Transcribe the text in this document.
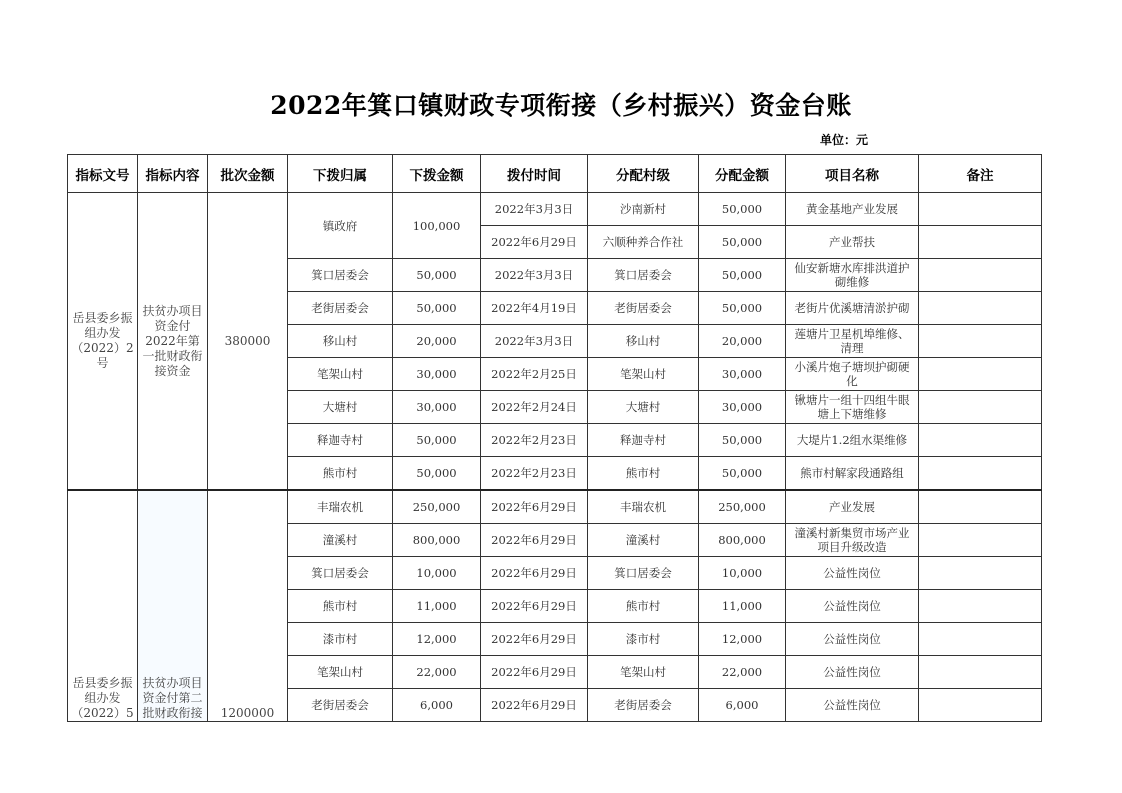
2022年箕口镇财政专项衔接（乡村振兴）资金台账
单位：元
指标文号	指标内容	批次金额	下拨归属	下拨金额	拨付时间	分配村级	分配金额	项目名称	备注
岳县委乡振组办发（2022）2号	扶贫办项目资金付2022年第一批财政衔接资金	380000	镇政府	100,000	2022年3月3日	沙南新村	50,000	黄金基地产业发展	
					2022年6月29日	六顺种养合作社	50,000	产业帮扶	
			箕口居委会	50,000	2022年3月3日	箕口居委会	50,000	仙安新塘水库排洪道护砌维修	
			老街居委会	50,000	2022年4月19日	老街居委会	50,000	老街片优溪塘清淤护砌	
			移山村	20,000	2022年3月3日	移山村	20,000	莲塘片卫星机埠维修、清理	
			笔架山村	30,000	2022年2月25日	笔架山村	30,000	小溪片炮子塘坝护砌硬化	
			大塘村	30,000	2022年2月24日	大塘村	30,000	锹塘片一组十四组牛眼塘上下塘维修	
			释迦寺村	50,000	2022年2月23日	释迦寺村	50,000	大堤片1.2组水渠维修	
			熊市村	50,000	2022年2月23日	熊市村	50,000	熊市村解家段通路组	
岳县委乡振组办发（2022）5	扶贫办项目资金付第二批财政衔接	1200000	丰瑞农机	250,000	2022年6月29日	丰瑞农机	250,000	产业发展	
			潼溪村	800,000	2022年6月29日	潼溪村	800,000	潼溪村新集贸市场产业项目升级改造	
			箕口居委会	10,000	2022年6月29日	箕口居委会	10,000	公益性岗位	
			熊市村	11,000	2022年6月29日	熊市村	11,000	公益性岗位	
			漆市村	12,000	2022年6月29日	漆市村	12,000	公益性岗位	
			笔架山村	22,000	2022年6月29日	笔架山村	22,000	公益性岗位	
			老街居委会	6,000	2022年6月29日	老街居委会	6,000	公益性岗位	
